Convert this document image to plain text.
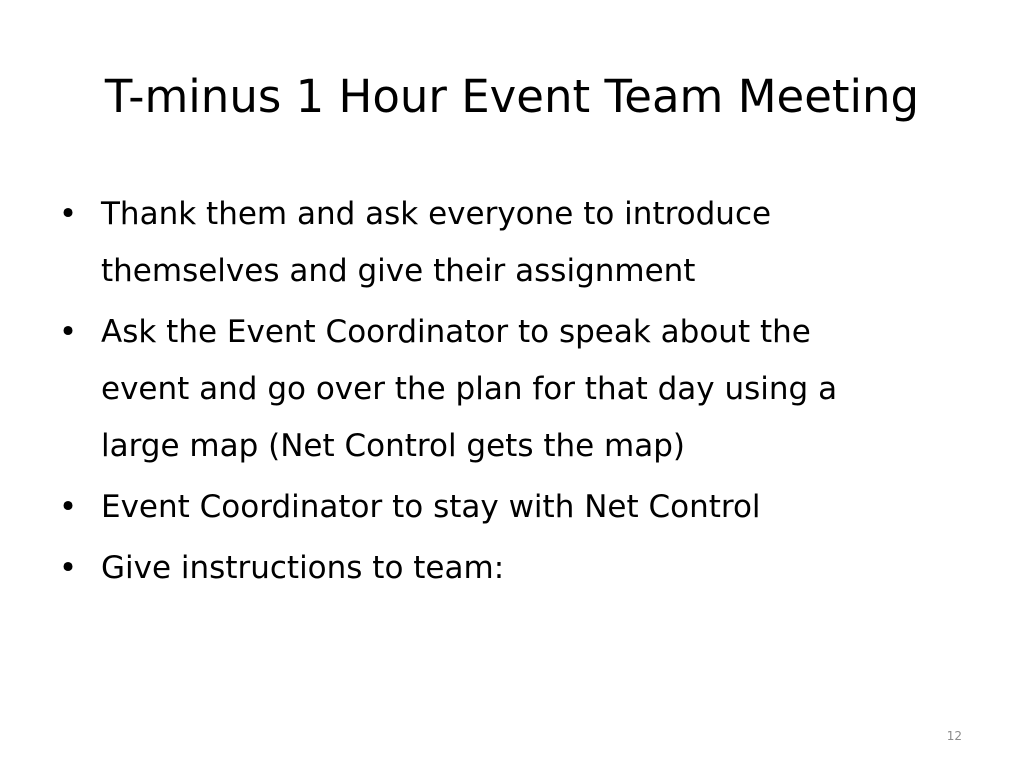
T-minus 1 Hour Event Team Meeting
• Thank them and ask everyone to introduce
themselves and give their assignment
• Ask the Event Coordinator to speak about the
event and go over the plan for that day using a
large map (Net Control gets the map)
• Event Coordinator to stay with Net Control
• Give instructions to team:
12
